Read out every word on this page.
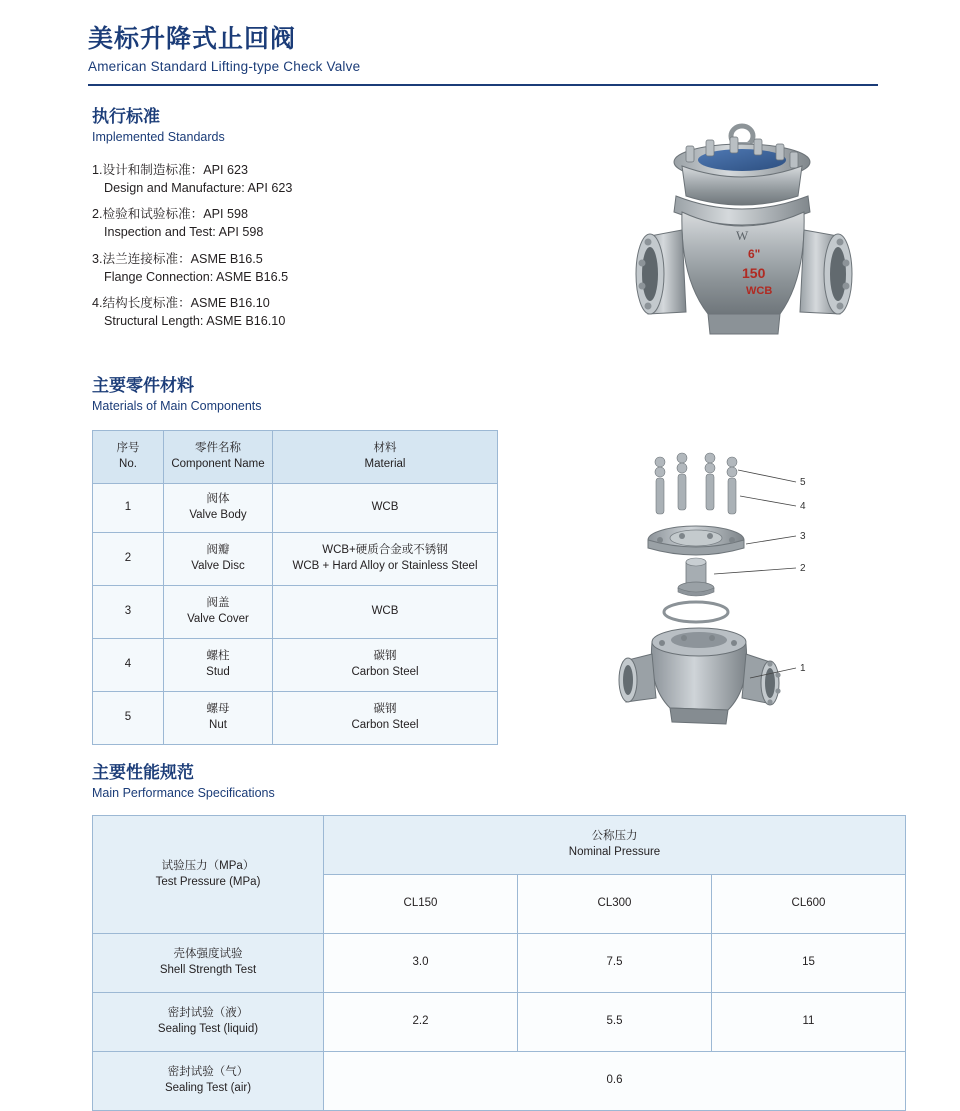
美标升降式止回阀
American Standard Lifting-type Check Valve
执行标准
Implemented Standards
1.设计和制造标准：API 623
Design and Manufacture: API 623
2.检验和试验标准：API 598
Inspection and Test: API 598
3.法兰连接标准：ASME B16.5
Flange Connection: ASME B16.5
4.结构长度标准：ASME B16.10
Structural Length: ASME B16.10
主要零件材料
Materials of Main Components
序号
No.	零件名称
Component Name	材料
Material

1	阀体
Valve Body	WCB

2	阀瓣
Valve Disc	WCB+硬质合金或不锈钢
WCB + Hard Alloy or Stainless Steel

3	阀盖
Valve Cover	WCB

4	螺柱
Stud	碳钢
Carbon Steel

5	螺母
Nut	碳钢
Carbon Steel
主要性能规范
Main Performance Specifications
试验压力（MPa）
Test Pressure (MPa)	公称压力
Nominal Pressure		

	CL150	CL300	CL600

壳体强度试验
Shell Strength Test	3.0	7.5	15

密封试验（液）
Sealing Test (liquid)	2.2	5.5	11

密封试验（气）
Sealing Test (air)	0.6		
6"
150
WCB
W
5
4
3
2
1
